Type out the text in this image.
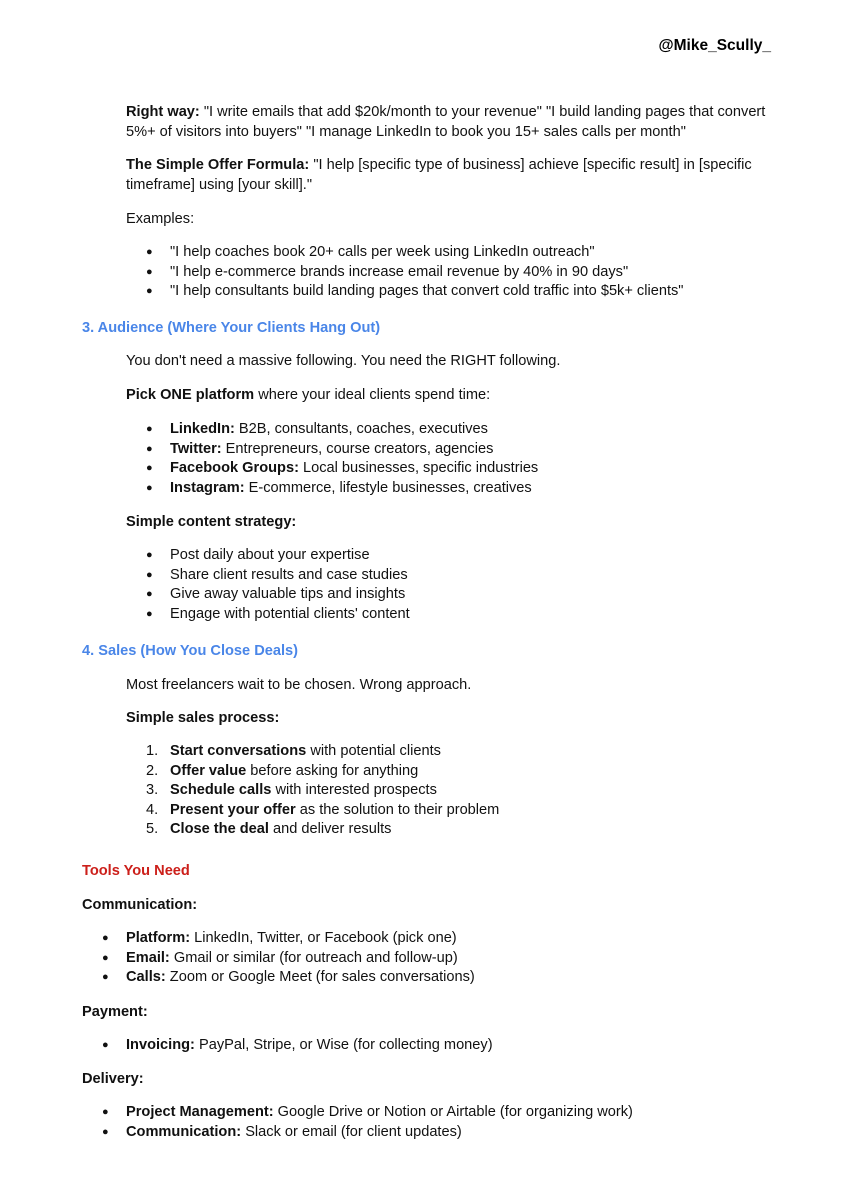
@Mike_Scully_
Right way: "I write emails that add $20k/month to your revenue" "I build landing pages that convert 5%+ of visitors into buyers" "I manage LinkedIn to book you 15+ sales calls per month"
The Simple Offer Formula: "I help [specific type of business] achieve [specific result] in [specific timeframe] using [your skill]."
Examples:
● "I help coaches book 20+ calls per week using LinkedIn outreach"
● "I help e-commerce brands increase email revenue by 40% in 90 days"
● "I help consultants build landing pages that convert cold traffic into $5k+ clients"
3. Audience (Where Your Clients Hang Out)
You don't need a massive following. You need the RIGHT following.
Pick ONE platform where your ideal clients spend time:
● LinkedIn: B2B, consultants, coaches, executives
● Twitter: Entrepreneurs, course creators, agencies
● Facebook Groups: Local businesses, specific industries
● Instagram: E-commerce, lifestyle businesses, creatives
Simple content strategy:
● Post daily about your expertise
● Share client results and case studies
● Give away valuable tips and insights
● Engage with potential clients' content
4. Sales (How You Close Deals)
Most freelancers wait to be chosen. Wrong approach.
Simple sales process:
1. Start conversations with potential clients
2. Offer value before asking for anything
3. Schedule calls with interested prospects
4. Present your offer as the solution to their problem
5. Close the deal and deliver results
Tools You Need
Communication:
● Platform: LinkedIn, Twitter, or Facebook (pick one)
● Email: Gmail or similar (for outreach and follow-up)
● Calls: Zoom or Google Meet (for sales conversations)
Payment:
● Invoicing: PayPal, Stripe, or Wise (for collecting money)
Delivery:
● Project Management: Google Drive or Notion or Airtable (for organizing work)
● Communication: Slack or email (for client updates)
